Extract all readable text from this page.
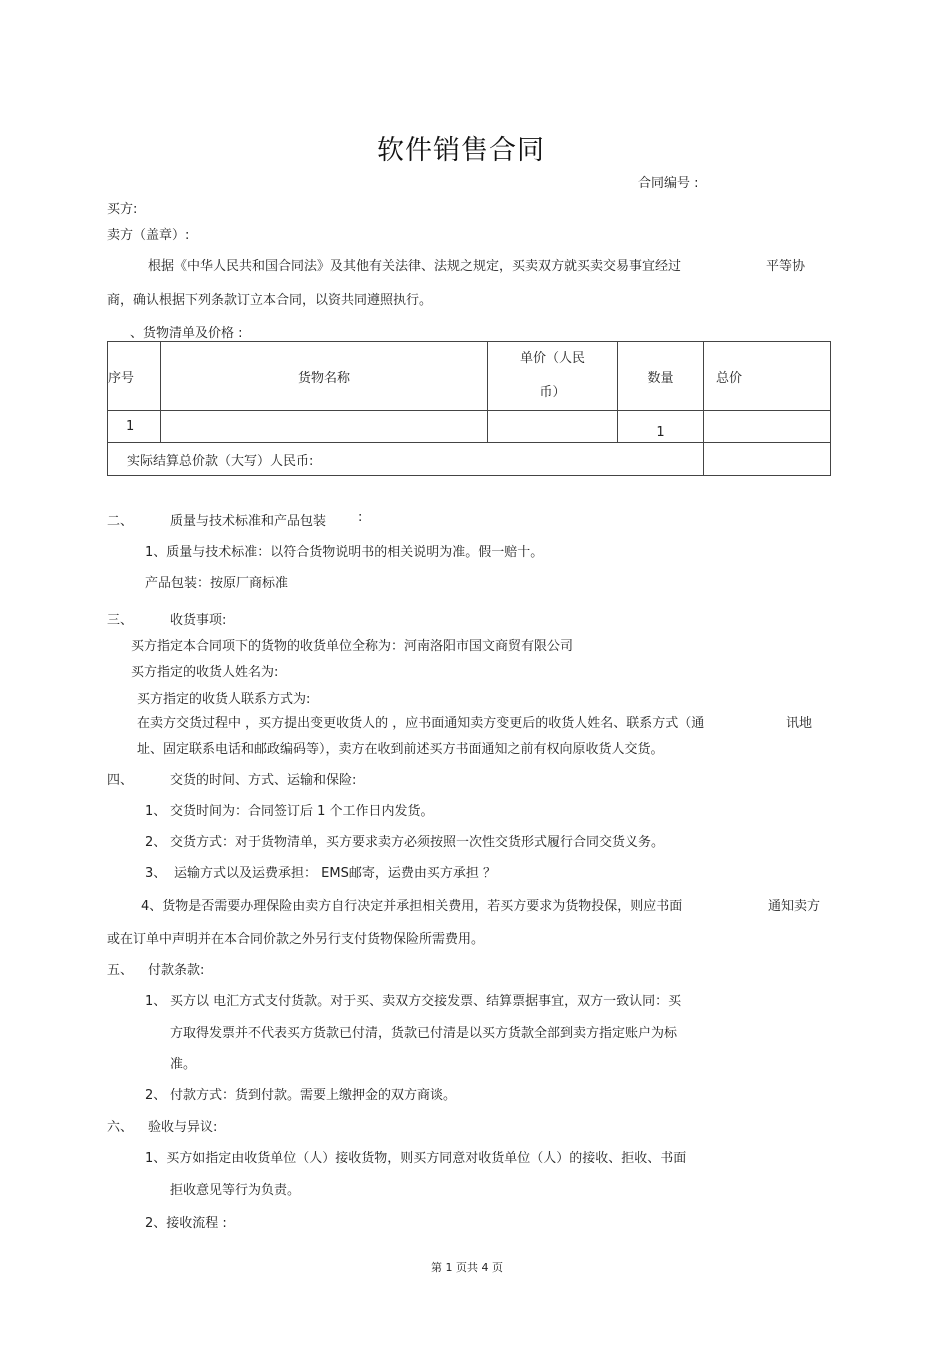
软件销售合同
合同编号 :
买方:
卖方（盖章）:
根据《中华人民共和国合同法》及其他有关法律、法规之规定，买卖双方就买卖交易事宜经过	平等协
商，确认根据下列条款订立本合同，以资共同遵照执行。
、货物清单及价格 :
序号	货物名称	单价（人民
币）	数量	总价
1			1	
实际结算总价款（大写）人民币:				
二、	质量与技术标准和产品包装 :
1、质量与技术标准：以符合货物说明书的相关说明为准。假一赔十。
产品包装：按原厂商标准
三、	收货事项:
买方指定本合同项下的货物的收货单位全称为：河南洛阳市国文商贸有限公司
买方指定的收货人姓名为:
买方指定的收货人联系方式为:
在卖方交货过程中 ，买方提出变更收货人的 ，应书面通知卖方变更后的收货人姓名、联系方式（通	讯地
址、固定联系电话和邮政编码等），卖方在收到前述买方书面通知之前有权向原收货人交货。
四、	交货的时间、方式、运输和保险:
1、 交货时间为：合同签订后 1 个工作日内发货。
2、 交货方式：对于货物清单，买方要求卖方必须按照一次性交货形式履行合同交货义务。
3、 运输方式以及运费承担： EMS邮寄，运费由买方承担 ？
4、货物是否需要办理保险由卖方自行决定并承担相关费用，若买方要求为货物投保，则应书面	通知卖方
或在订单中声明并在本合同价款之外另行支付货物保险所需费用。
五、 付款条款:
1、 买方以 电汇方式支付货款。对于买、卖双方交接发票、结算票据事宜，双方一致认同：买
方取得发票并不代表买方货款已付清，货款已付清是以买方货款全部到卖方指定账户为标
准。
2、 付款方式：货到付款。需要上缴押金的双方商谈。
六、 验收与异议:
1、买方如指定由收货单位（人）接收货物，则买方同意对收货单位（人）的接收、拒收、书面
拒收意见等行为负责。
2、接收流程 :
第 1 页共 4 页
